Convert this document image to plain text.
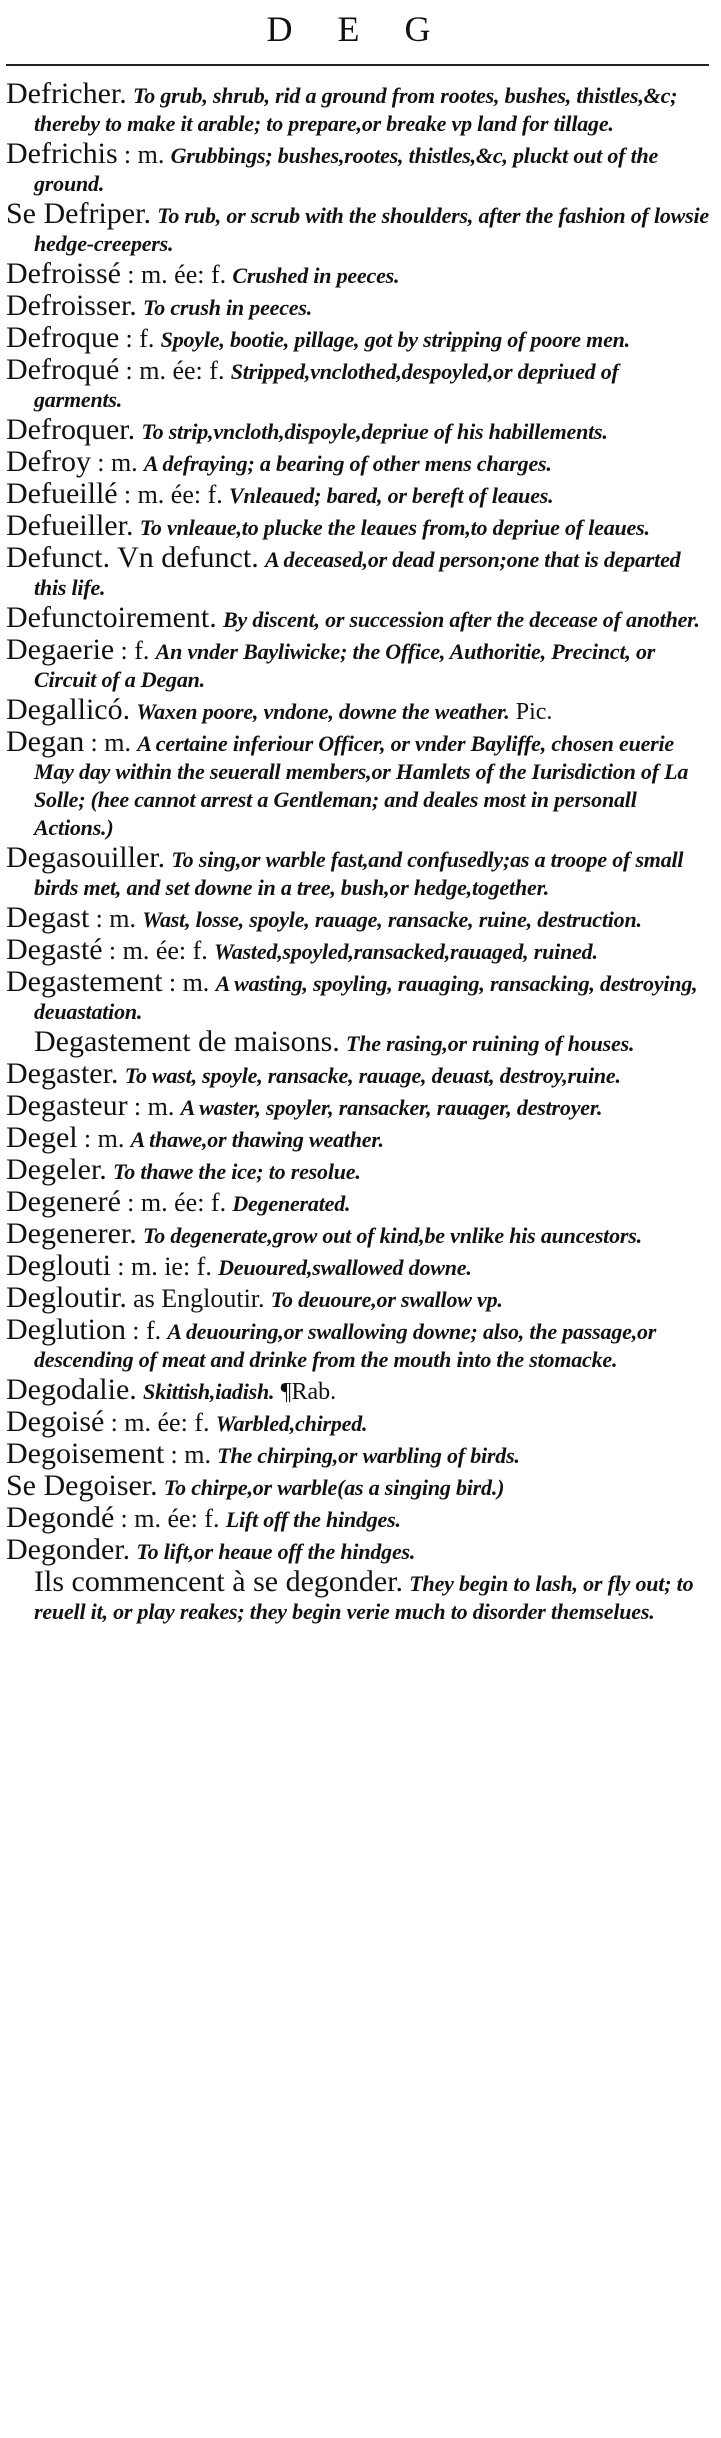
D E G
Defricher. To grub, shrub, rid a ground from rootes, bushes, thistles,&c; thereby to make it arable; to prepare,or breake vp land for tillage.
Defrichis : m. Grubbings; bushes,rootes, thistles,&c, pluckt out of the ground.
Se Defriper. To rub, or scrub with the shoulders, after the fashion of lowsie hedge-creepers.
Defroissé : m. ée: f. Crushed in peeces.
Defroisser. To crush in peeces.
Defroque : f. Spoyle, bootie, pillage, got by stripping of poore men.
Defroqué : m. ée: f. Stripped,vnclothed,despoyled,or depriued of garments.
Defroquer. To strip,vncloth,dispoyle,depriue of his habillements.
Defroy : m. A defraying; a bearing of other mens charges.
Defueillé : m. ée: f. Vnleaued; bared, or bereft of leaues.
Defueiller. To vnleaue,to plucke the leaues from,to depriue of leaues.
Defunct. Vn defunct. A deceased,or dead person;one that is departed this life.
Defunctoirement. By discent, or succession after the decease of another.
Degaerie : f. An vnder Bayliwicke; the Office, Authoritie, Precinct, or Circuit of a Degan.
Degallicó. Waxen poore, vndone, downe the weather. Pic.
Degan : m. A certaine inferiour Officer, or vnder Bayliffe, chosen euerie May day within the seuerall members,or Hamlets of the Iurisdiction of La Solle; (hee cannot arrest a Gentleman; and deales most in personall Actions.)
Degasouiller. To sing,or warble fast,and confusedly;as a troope of small birds met, and set downe in a tree, bush,or hedge,together.
Degast : m. Wast, losse, spoyle, rauage, ransacke, ruine, destruction.
Degasté : m. ée: f. Wasted,spoyled,ransacked,rauaged, ruined.
Degastement : m. A wasting, spoyling, rauaging, ransacking, destroying, deuastation.
Degastement de maisons. The rasing,or ruining of houses.
Degaster. To wast, spoyle, ransacke, rauage, deuast, destroy,ruine.
Degasteur : m. A waster, spoyler, ransacker, rauager, destroyer.
Degel : m. A thawe,or thawing weather.
Degeler. To thawe the ice; to resolue.
Degeneré : m. ée: f. Degenerated.
Degenerer. To degenerate,grow out of kind,be vnlike his auncestors.
Deglouti : m. ie: f. Deuoured,swallowed downe.
Degloutir. as Engloutir. To deuoure,or swallow vp.
Deglution : f. A deuouring,or swallowing downe; also, the passage,or descending of meat and drinke from the mouth into the stomacke.
Degodalie. Skittish,iadish. ¶Rab.
Degoisé : m. ée: f. Warbled,chirped.
Degoisement : m. The chirping,or warbling of birds.
Se Degoiser. To chirpe,or warble(as a singing bird.)
Degondé : m. ée: f. Lift off the hindges.
Degonder. To lift,or heaue off the hindges.
Ils commencent à se degonder. They begin to lash, or fly out; to reuell it, or play reakes; they begin verie much to disorder themselues.
